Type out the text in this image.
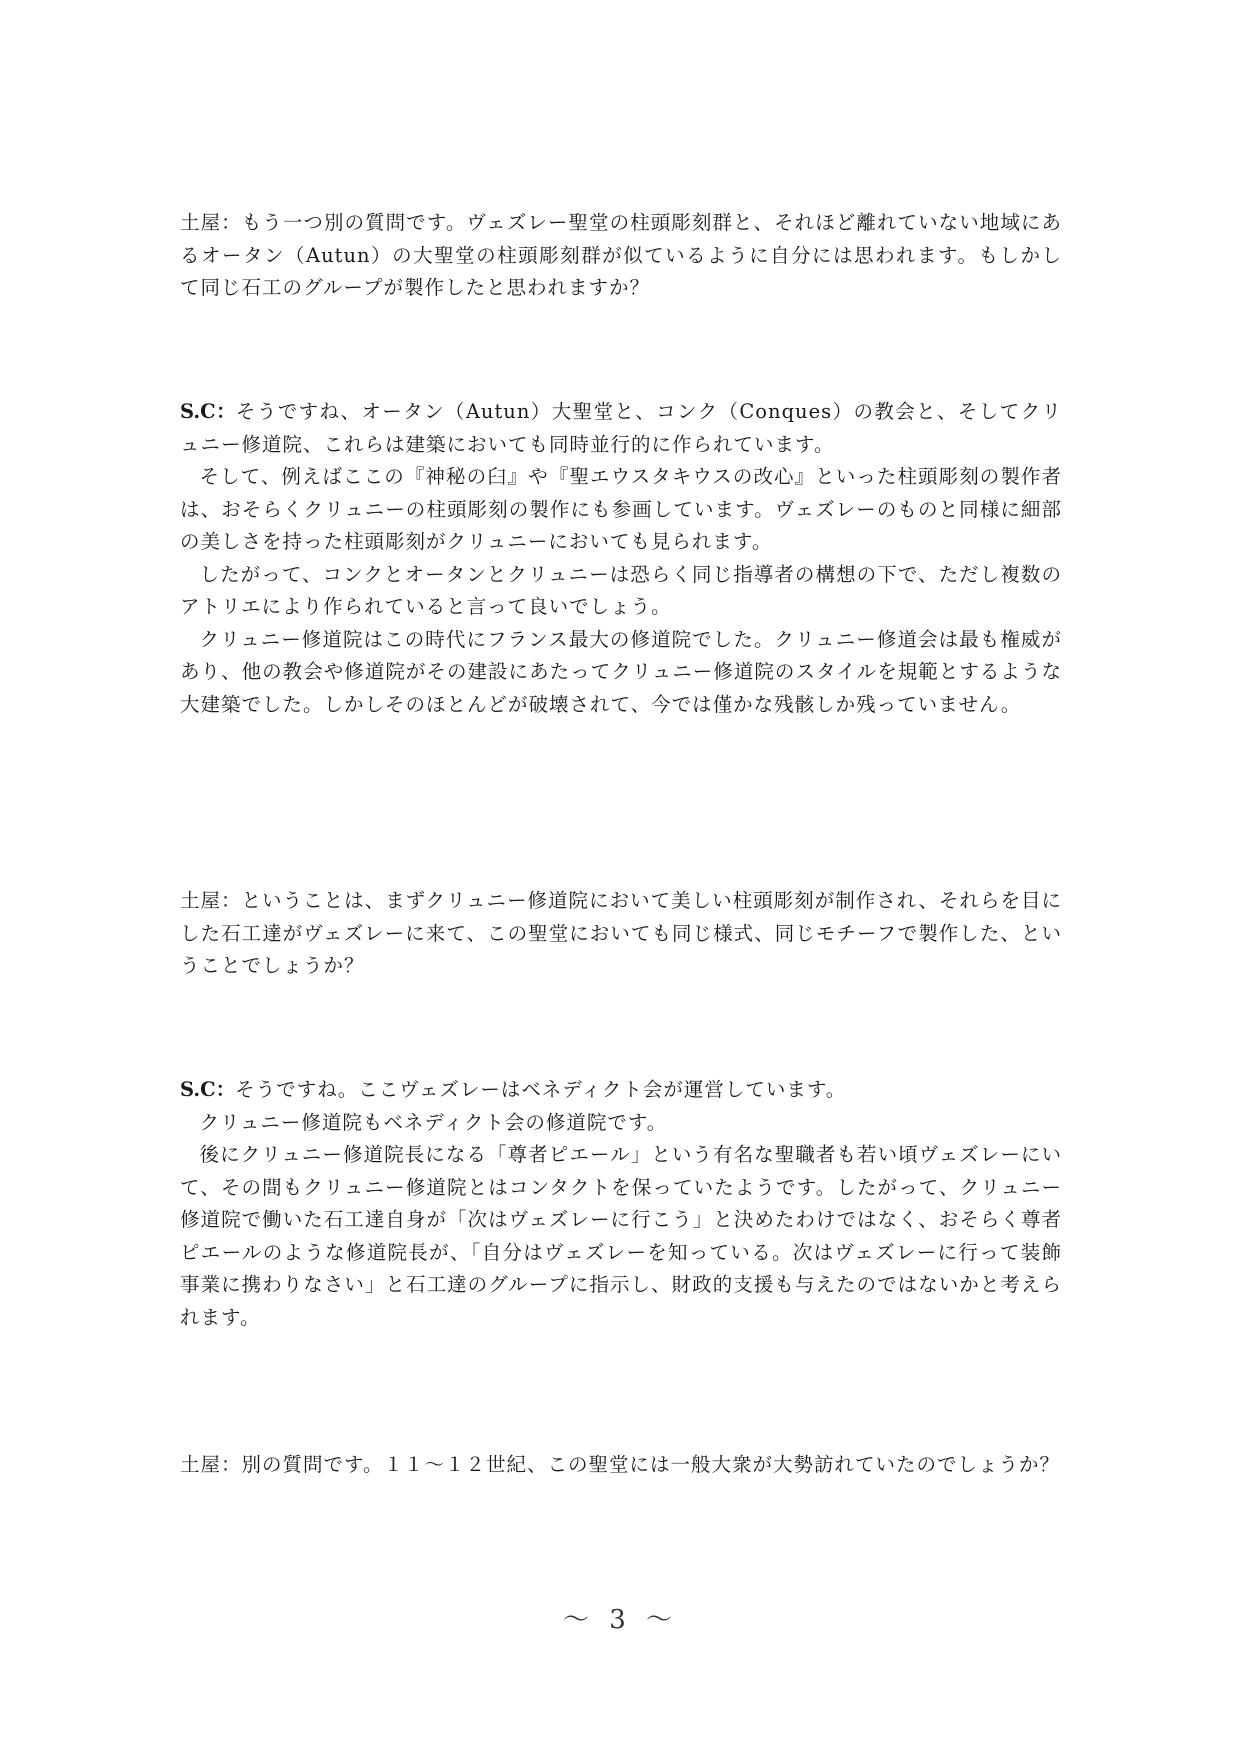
土屋：もう一つ別の質問です。ヴェズレー聖堂の柱頭彫刻群と、それほど離れていない地域にあるオータン（Autun）の大聖堂の柱頭彫刻群が似ているように自分には思われます。もしかして同じ石工のグループが製作したと思われますか？

S.C：そうですね、オータン（Autun）大聖堂と、コンク（Conques）の教会と、そしてクリュニー修道院、これらは建築においても同時並行的に作られています。

そして、例えばここの『神秘の臼』や『聖エウスタキウスの改心』といった柱頭彫刻の製作者は、おそらくクリュニーの柱頭彫刻の製作にも参画しています。ヴェズレーのものと同様に細部の美しさを持った柱頭彫刻がクリュニーにおいても見られます。

したがって、コンクとオータンとクリュニーは恐らく同じ指導者の構想の下で、ただし複数のアトリエにより作られていると言って良いでしょう。

クリュニー修道院はこの時代にフランス最大の修道院でした。クリュニー修道会は最も権威があり、他の教会や修道院がその建設にあたってクリュニー修道院のスタイルを規範とするような大建築でした。しかしそのほとんどが破壊されて、今では僅かな残骸しか残っていません。

土屋：ということは、まずクリュニー修道院において美しい柱頭彫刻が制作され、それらを目にした石工達がヴェズレーに来て、この聖堂においても同じ様式、同じモチーフで製作した、ということでしょうか？

S.C：そうですね。ここヴェズレーはベネディクト会が運営しています。

クリュニー修道院もベネディクト会の修道院です。

後にクリュニー修道院長になる「尊者ピエール」という有名な聖職者も若い頃ヴェズレーにいて、その間もクリュニー修道院とはコンタクトを保っていたようです。したがって、クリュニー修道院で働いた石工達自身が「次はヴェズレーに行こう」と決めたわけではなく、おそらく尊者ピエールのような修道院長が、「自分はヴェズレーを知っている。次はヴェズレーに行って装飾事業に携わりなさい」と石工達のグループに指示し、財政的支援も与えたのではないかと考えられます。

土屋：別の質問です。１１～１２世紀、この聖堂には一般大衆が大勢訪れていたのでしょうか？

～ 3 ～
